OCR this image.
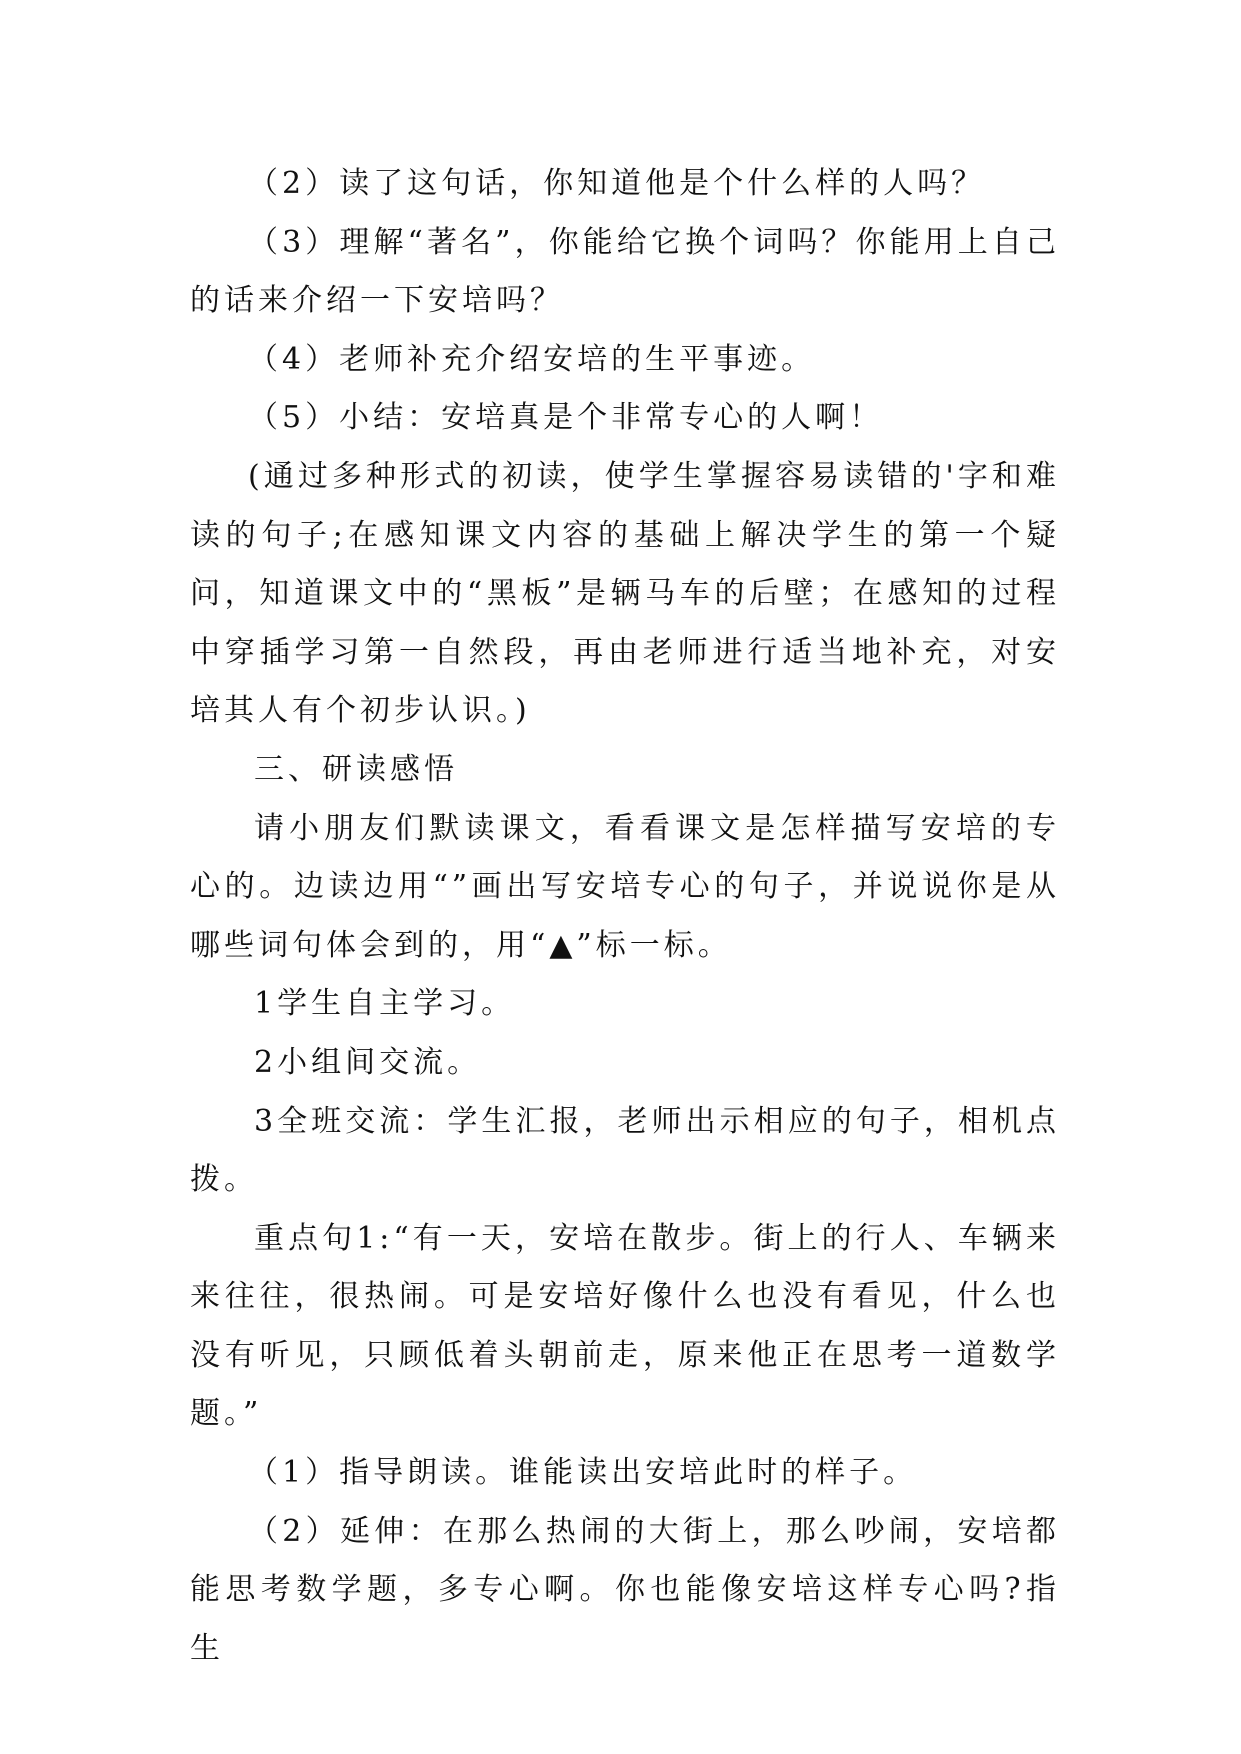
（2）读了这句话，你知道他是个什么样的人吗？

（3）理解“著名”，你能给它换个词吗？你能用上自己的话来介绍一下安培吗？

（4）老师补充介绍安培的生平事迹。

（5）小结：安培真是个非常专心的人啊！

(通过多种形式的初读，使学生掌握容易读错的'字和难读的句子;在感知课文内容的基础上解决学生的第一个疑问，知道课文中的“黑板”是辆马车的后壁；在感知的过程中穿插学习第一自然段，再由老师进行适当地补充，对安培其人有个初步认识。)

三、研读感悟

请小朋友们默读课文，看看课文是怎样描写安培的专心的。边读边用“”画出写安培专心的句子，并说说你是从哪些词句体会到的，用“▲”标一标。

1学生自主学习。

2小组间交流。

3全班交流：学生汇报，老师出示相应的句子，相机点拨。

重点句1:“有一天，安培在散步。街上的行人、车辆来来往往，很热闹。可是安培好像什么也没有看见，什么也没有听见，只顾低着头朝前走，原来他正在思考一道数学题。”

（1）指导朗读。谁能读出安培此时的样子。

（2）延伸：在那么热闹的大街上，那么吵闹，安培都能思考数学题，多专心啊。你也能像安培这样专心吗?指生
